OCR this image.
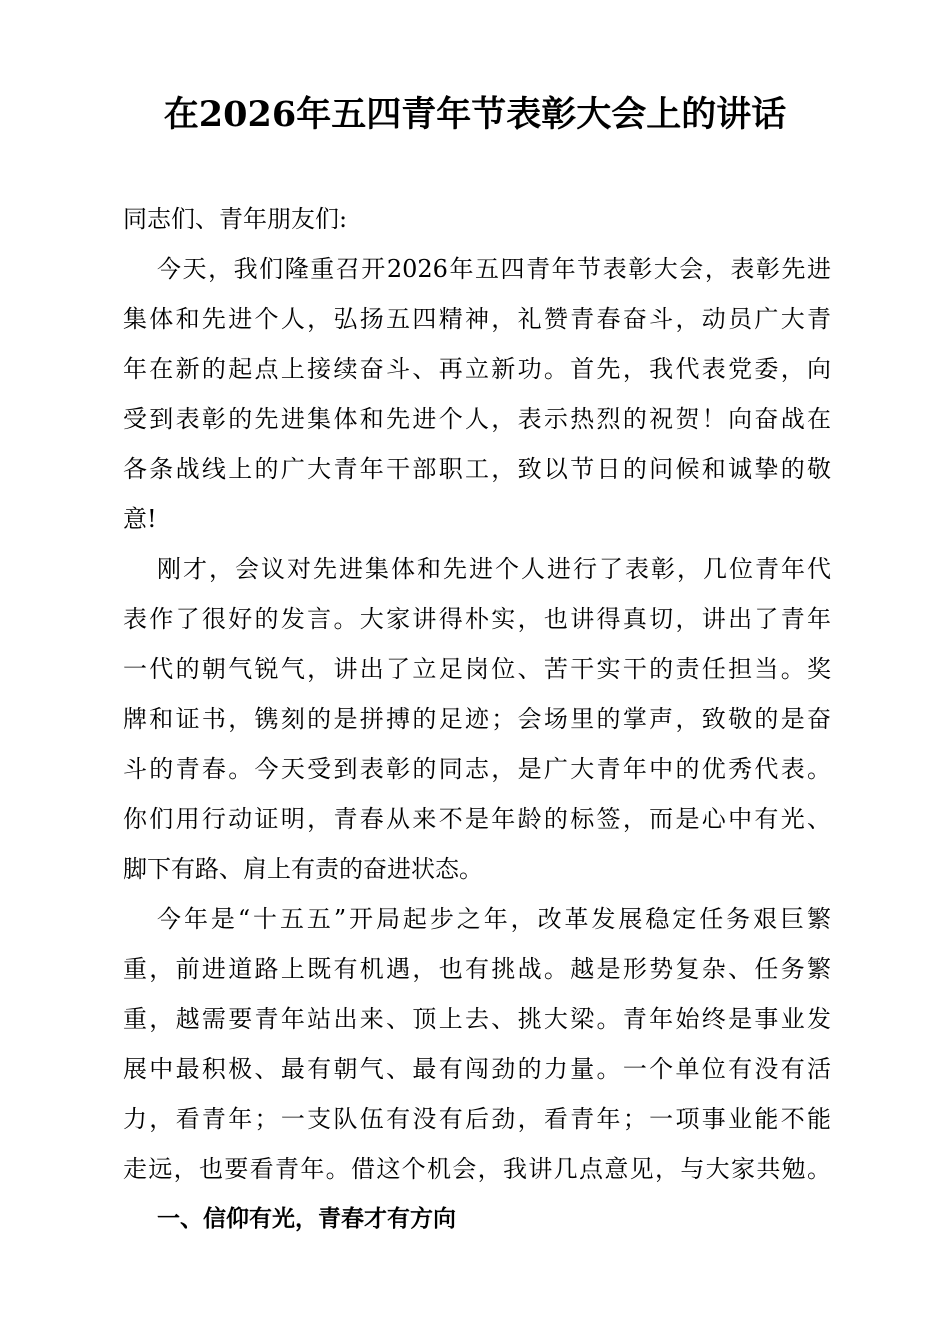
在2026年五四青年节表彰大会上的讲话
同志们、青年朋友们:
今天，我们隆重召开2026年五四青年节表彰大会，表彰先进
集体和先进个人，弘扬五四精神，礼赞青春奋斗，动员广大青
年在新的起点上接续奋斗、再立新功。首先，我代表党委，向
受到表彰的先进集体和先进个人，表示热烈的祝贺！向奋战在
各条战线上的广大青年干部职工，致以节日的问候和诚挚的敬
意!
刚才，会议对先进集体和先进个人进行了表彰，几位青年代
表作了很好的发言。大家讲得朴实，也讲得真切，讲出了青年
一代的朝气锐气，讲出了立足岗位、苦干实干的责任担当。奖
牌和证书，镌刻的是拼搏的足迹；会场里的掌声，致敬的是奋
斗的青春。今天受到表彰的同志，是广大青年中的优秀代表。
你们用行动证明，青春从来不是年龄的标签，而是心中有光、
脚下有路、肩上有责的奋进状态。
今年是“十五五”开局起步之年，改革发展稳定任务艰巨繁
重，前进道路上既有机遇，也有挑战。越是形势复杂、任务繁
重，越需要青年站出来、顶上去、挑大梁。青年始终是事业发
展中最积极、最有朝气、最有闯劲的力量。一个单位有没有活
力，看青年；一支队伍有没有后劲，看青年；一项事业能不能
走远，也要看青年。借这个机会，我讲几点意见，与大家共勉。
一、信仰有光，青春才有方向
